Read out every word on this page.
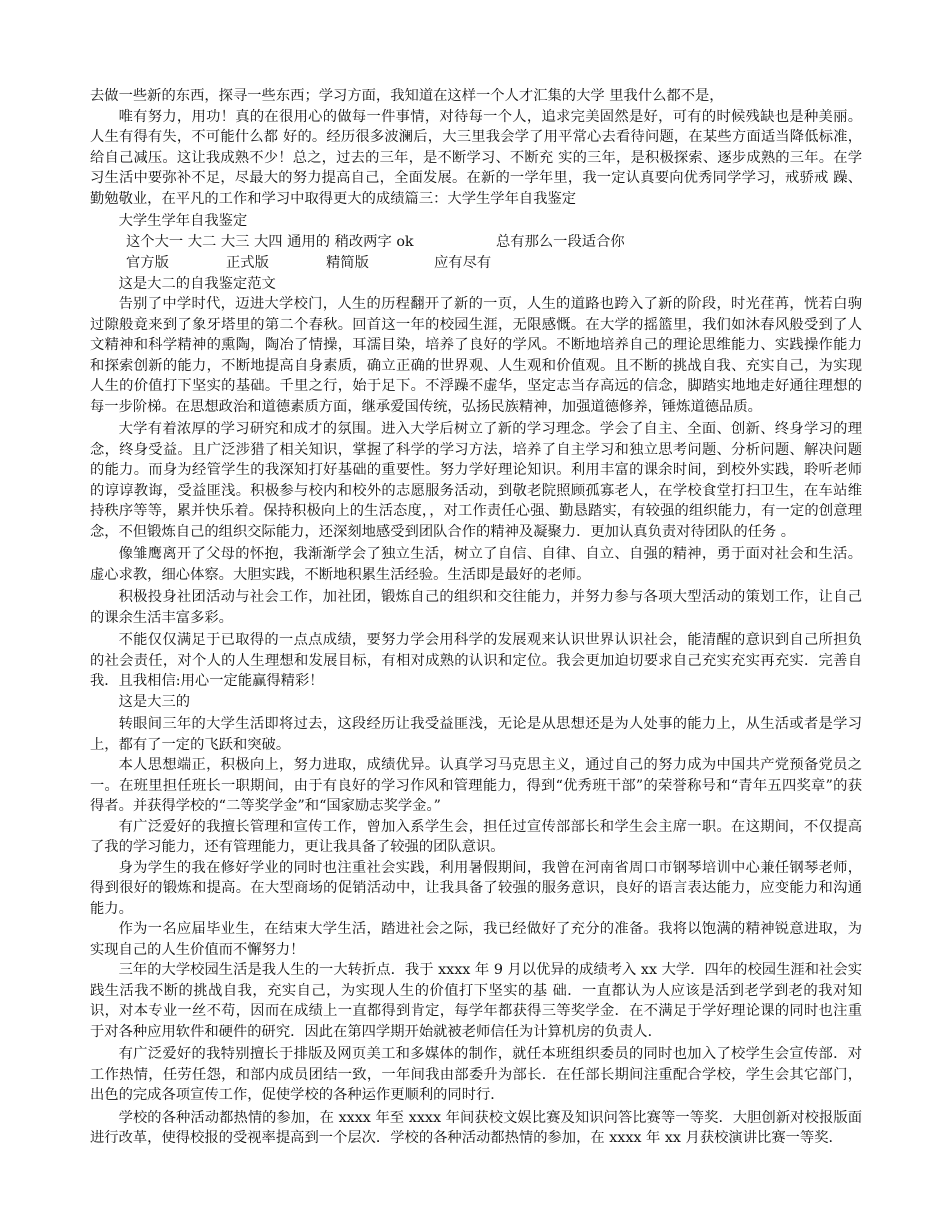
去做一些新的东西，探寻一些东西；学习方面，我知道在这样一个人才汇集的大学 里我什么都不是，

唯有努力，用功！真的在很用心的做每一件事情，对待每一个人，追求完美固然是好，可有的时候残缺也是种美丽。人生有得有失，不可能什么都 好的。经历很多波澜后，大三里我会学了用平常心去看待问题，在某些方面适当降低标准，给自己减压。这让我成熟不少！总之，过去的三年，是不断学习、不断充 实的三年，是积极探索、逐步成熟的三年。在学习生活中要弥补不足，尽最大的努力提高自己，全面发展。在新的一学年里，我一定认真要向优秀同学学习，戒骄戒 躁、勤勉敬业，在平凡的工作和学习中取得更大的成绩篇三：大学生学年自我鉴定

大学生学年自我鉴定

这个大一 大二 大三 大四 通用的 稍改两字 ok	总有那么一段适合你
官方版	正式版	精简版	应有尽有

这是大二的自我鉴定范文

告别了中学时代，迈进大学校门，人生的历程翻开了新的一页，人生的道路也跨入了新的阶段，时光荏苒，恍若白驹过隙般竟来到了象牙塔里的第二个春秋。回首这一年的校园生涯，无限感慨。在大学的摇篮里，我们如沐春风般受到了人文精神和科学精神的熏陶，陶冶了情操，耳濡目染，培养了良好的学风。不断地培养自己的理论思维能力、实践操作能力和探索创新的能力，不断地提高自身素质，确立正确的世界观、人生观和价值观。且不断的挑战自我、充实自己，为实现人生的价值打下坚实的基础。千里之行，始于足下。不浮躁不虚华，坚定志当存高远的信念，脚踏实地地走好通往理想的每一步阶梯。在思想政治和道德素质方面，继承爱国传统，弘扬民族精神，加强道德修养，锤炼道德品质。

大学有着浓厚的学习研究和成才的氛围。进入大学后树立了新的学习理念。学会了自主、全面、创新、终身学习的理念，终身受益。且广泛涉猎了相关知识，掌握了科学的学习方法，培养了自主学习和独立思考问题、分析问题、解决问题的能力。而身为经管学生的我深知打好基础的重要性。努力学好理论知识。利用丰富的课余时间，到校外实践，聆听老师的谆谆教诲，受益匪浅。积极参与校内和校外的志愿服务活动，到敬老院照顾孤寡老人，在学校食堂打扫卫生，在车站维持秩序等等，累并快乐着。保持积极向上的生活态度，，对工作责任心强、勤恳踏实，有较强的组织能力，有一定的创意理念，不但锻炼自己的组织交际能力，还深刻地感受到团队合作的精神及凝聚力．更加认真负责对待团队的任务 。

像雏鹰离开了父母的怀抱，我渐渐学会了独立生活，树立了自信、自律、自立、自强的精神，勇于面对社会和生活。虚心求教，细心体察。大胆实践，不断地积累生活经验。生活即是最好的老师。

积极投身社团活动与社会工作，加社团，锻炼自己的组织和交往能力，并努力参与各项大型活动的策划工作，让自己的课余生活丰富多彩。

不能仅仅满足于已取得的一点点成绩，要努力学会用科学的发展观来认识世界认识社会，能清醒的意识到自己所担负的社会责任，对个人的人生理想和发展目标，有相对成熟的认识和定位。我会更加迫切要求自己充实充实再充实．完善自我．且我相信:用心一定能赢得精彩！

这是大三的

转眼间三年的大学生活即将过去，这段经历让我受益匪浅，无论是从思想还是为人处事的能力上，从生活或者是学习上，都有了一定的飞跃和突破。

本人思想端正，积极向上，努力进取，成绩优异。认真学习马克思主义，通过自己的努力成为中国共产党预备党员之一。在班里担任班长一职期间，由于有良好的学习作风和管理能力，得到“优秀班干部”的荣誉称号和“青年五四奖章”的获得者。并获得学校的“二等奖学金”和“国家励志奖学金。”

有广泛爱好的我擅长管理和宣传工作，曾加入系学生会，担任过宣传部部长和学生会主席一职。在这期间，不仅提高了我的学习能力，还有管理能力，更让我具备了较强的团队意识。

身为学生的我在修好学业的同时也注重社会实践，利用暑假期间，我曾在河南省周口市钢琴培训中心兼任钢琴老师，得到很好的锻炼和提高。在大型商场的促销活动中，让我具备了较强的服务意识，良好的语言表达能力，应变能力和沟通能力。

作为一名应届毕业生，在结束大学生活，踏进社会之际，我已经做好了充分的准备。我将以饱满的精神锐意进取，为实现自己的人生价值而不懈努力！

三年的大学校园生活是我人生的一大转折点．我于 xxxx 年 9 月以优异的成绩考入 xx 大学．四年的校园生涯和社会实践生活我不断的挑战自我，充实自己，为实现人生的价值打下坚实的基 础．一直都认为人应该是活到老学到老的我对知识，对本专业一丝不苟，因而在成绩上一直都得到肯定，每学年都获得三等奖学金．在不满足于学好理论课的同时也注重于对各种应用软件和硬件的研究．因此在第四学期开始就被老师信任为计算机房的负责人．

有广泛爱好的我特别擅长于排版及网页美工和多媒体的制作，就任本班组织委员的同时也加入了校学生会宣传部．对工作热情，任劳任怨，和部内成员团结一致，一年间我由部委升为部长．在任部长期间注重配合学校，学生会其它部门，出色的完成各项宣传工作，促使学校的各种运作更顺利的同时行．

学校的各种活动都热情的参加，在 xxxx 年至 xxxx 年间获校文娱比赛及知识问答比赛等一等奖．大胆创新对校报版面进行改革，使得校报的受视率提高到一个层次．学校的各种活动都热情的参加，在 xxxx 年 xx 月获校演讲比赛一等奖．
